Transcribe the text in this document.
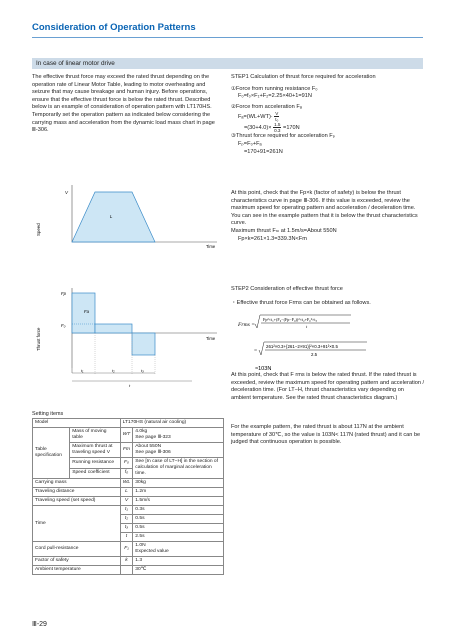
Consideration of Operation Patterns
In case of linear motor drive
The effective thrust force may exceed the rated thrust depending on the operation rate of Linear Motor Table, leading to motor overheating and seizure that may cause breakage and human injury. Before operations, ensure that the effective thrust force is below the rated thrust. Described below is an example of consideration of operation pattern with LT170HS. Temporarily set the operation pattern as indicated below considering the carrying mass and acceleration from the dynamic load mass chart in page Ⅲ-306.
STEP1 Calculation of thrust force required for acceleration
①Force from running resistance F₀
F₀=f₀×F₁+F₂=2.25×40+1=91N
②Force from acceleration Fₐ
$F_a=(WL+WT)\cdot \frac{V}{\text{t₀}}$
$=(30+4.0)\times \frac{1.5}{0.3} =170N$
③Thrust force required for acceleration Fₚ
Fₚ=F₀+Fₐ
=170+91=261N
At this point, check that the Fp×k (factor of safety) is below the thrust characteristics curve in page Ⅲ-306. If this value is exceeded, review the maximum speed for operating pattern and acceleration / deceleration time. You can see in the example pattern that it is below the thrust characteristics curve.
Maximum thrust Fₘ at 1.5m/s=About 550N
Fp×k=261×1.3=339.3N<Fm
STEP2 Consideration of effective thrust force
・Effective thrust force Frms can be obtained as follows.
Frms =
Fp²×t₁+(F₀−(Fp−F₀))²×t₂+F₀²×t₃
t
=
261²×0.3+{261−2×91)}²×0.3+91²×0.5
2.5
≈103N
At this point, check that F rms is below the rated thrust. If the rated thrust is exceeded, review the maximum speed for operating pattern and acceleration / deceleration time. (For LT−H, thrust characteristics vary depending on ambient temperature. See the rated thrust characteristics diagram.)
For the example pattern, the rated thrust is about 117N at the ambient temperature of 30℃, so the value is 103N< 117N (rated thrust) and it can be judged that continuous operation is possible.
Speed
V
L
Time
Thrust force
Fp
Fa
F₀
Time
t₁	t₂	t₃
t
Setting items
Model		LT170HS (natural air cooling)	
Table specification	Mass of moving table	WT	4.0kg
See page Ⅲ-323
	Maximum thrust at traveling speed V	Fm	About 550N
See page Ⅲ-306
	Running resistance	F₀	See [In case of LT−H] in the section of calculation of marginal acceleration time.
	Speed coefficient	f₀	
Carrying mass		WL	30kg
Traveling distance		L	1.2m
Traveling speed (set speed)		V	1.5m/s
Time		t₁	0.3s
		t₂	0.5s
		t₃	0.5s
		t	2.5s
Cord pull-resistance		F₁	1.0N
Expected value
Factor of safety		k	1.3
Ambient temperature			30℃
Ⅲ-29
